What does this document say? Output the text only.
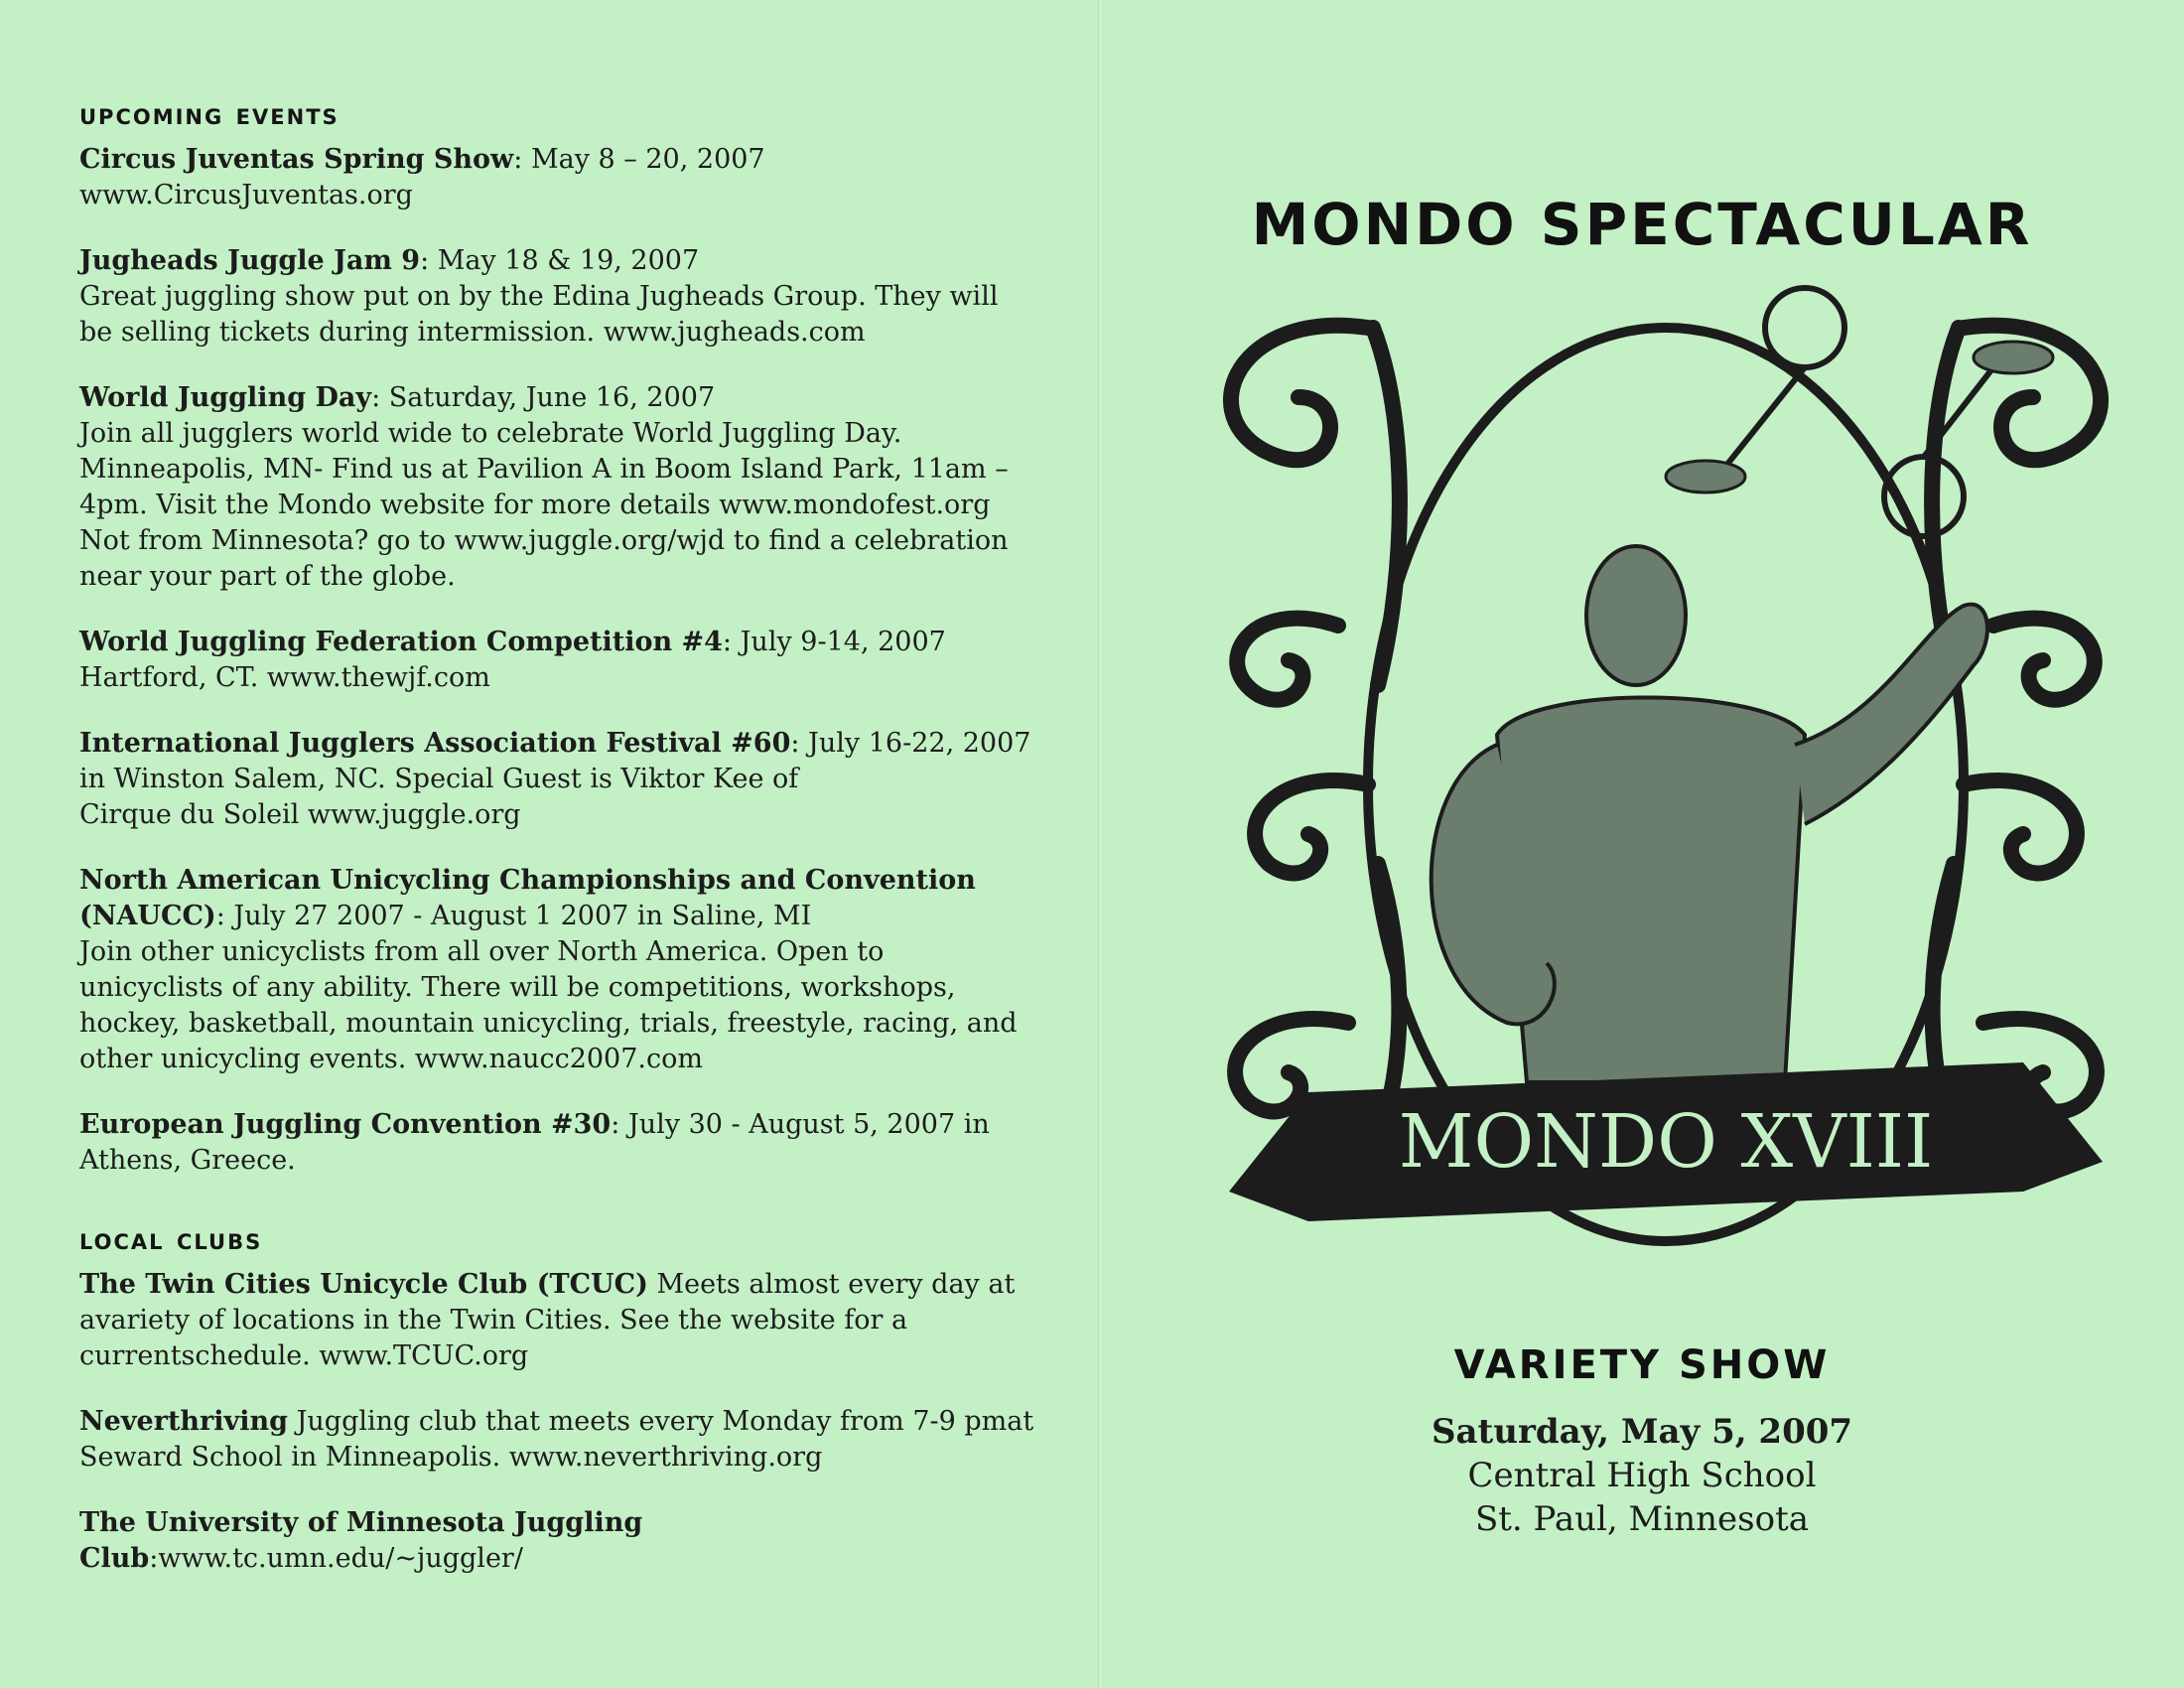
upcoming events
Circus Juventas Spring Show: May 8 – 20, 2007
www.CircusJuventas.org
Jugheads Juggle Jam 9: May 18 & 19, 2007
Great juggling show put on by the Edina Jugheads Group. They will
be selling tickets during intermission. www.jugheads.com
World Juggling Day: Saturday, June 16, 2007
Join all jugglers world wide to celebrate World Juggling Day.
Minneapolis, MN- Find us at Pavilion A in Boom Island Park, 11am –
4pm. Visit the Mondo website for more details www.mondofest.org
Not from Minnesota? go to www.juggle.org/wjd to find a celebration
near your part of the globe.
World Juggling Federation Competition #4: July 9-14, 2007
Hartford, CT. www.thewjf.com
International Jugglers Association Festival #60: July 16-22, 2007
in Winston Salem, NC. Special Guest is Viktor Kee of
Cirque du Soleil www.juggle.org
North American Unicycling Championships and Convention (NAUCC): July 27 2007 - August 1 2007 in Saline, MI
Join other unicyclists from all over North America. Open to
unicyclists of any ability. There will be competitions, workshops,
hockey, basketball, mountain unicycling, trials, freestyle, racing, and
other unicycling events. www.naucc2007.com
European Juggling Convention #30: July 30 - August 5, 2007 in
Athens, Greece.
local clubs
The Twin Cities Unicycle Club (TCUC) Meets almost every day at avariety of locations in the Twin Cities. See the website for a currentschedule. www.TCUC.org
Neverthriving Juggling club that meets every Monday from 7-9 pmat Seward School in Minneapolis. www.neverthriving.org
The University of Minnesota Juggling Club:www.tc.umn.edu/~juggler/
MONDO SPECTACULAR
MONDO XVIII
VARIETY SHOW
Saturday, May 5, 2007
Central High School
St. Paul, Minnesota
